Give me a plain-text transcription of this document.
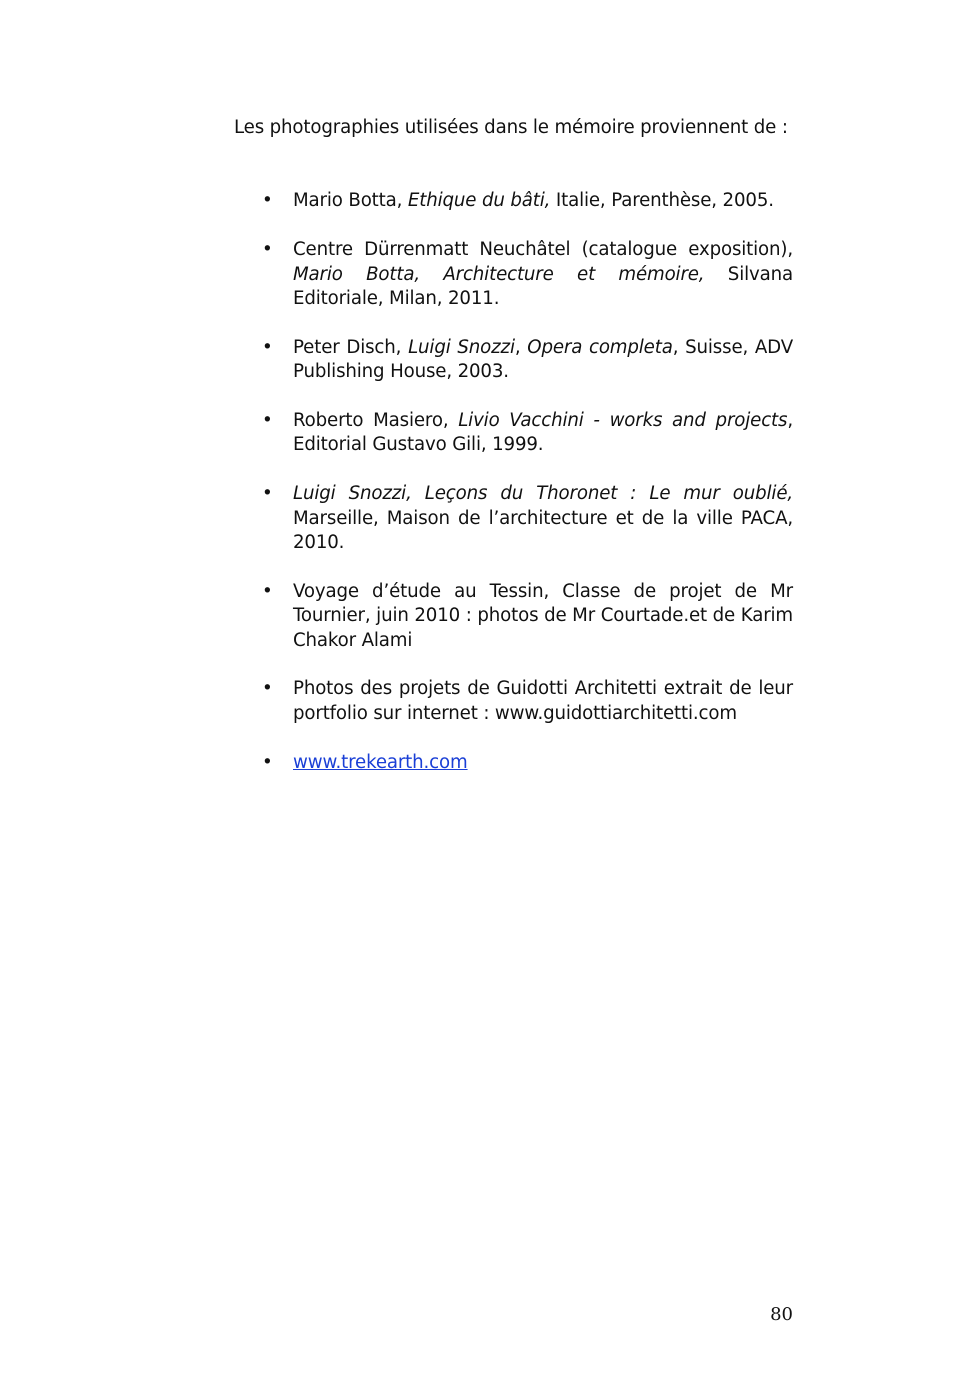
Les photographies utilisées dans le mémoire proviennent de :

• Mario Botta, Ethique du bâti, Italie, Parenthèse, 2005.
• Centre Dürrenmatt Neuchâtel (catalogue exposition), Mario Botta, Architecture et mémoire, Silvana Editoriale, Milan, 2011.
• Peter Disch, Luigi Snozzi, Opera completa, Suisse, ADV Publishing House, 2003.
• Roberto Masiero, Livio Vacchini - works and projects, Editorial Gustavo Gili, 1999.
• Luigi Snozzi, Leçons du Thoronet : Le mur oublié, Marseille, Maison de l’architecture et de la ville PACA, 2010.
• Voyage d’étude au Tessin, Classe de projet de Mr Tournier, juin 2010 : photos de Mr Courtade.et de Karim Chakor Alami
• Photos des projets de Guidotti Architetti extrait de leur portfolio sur internet : www.guidottiarchitetti.com
• www.trekearth.com
80
